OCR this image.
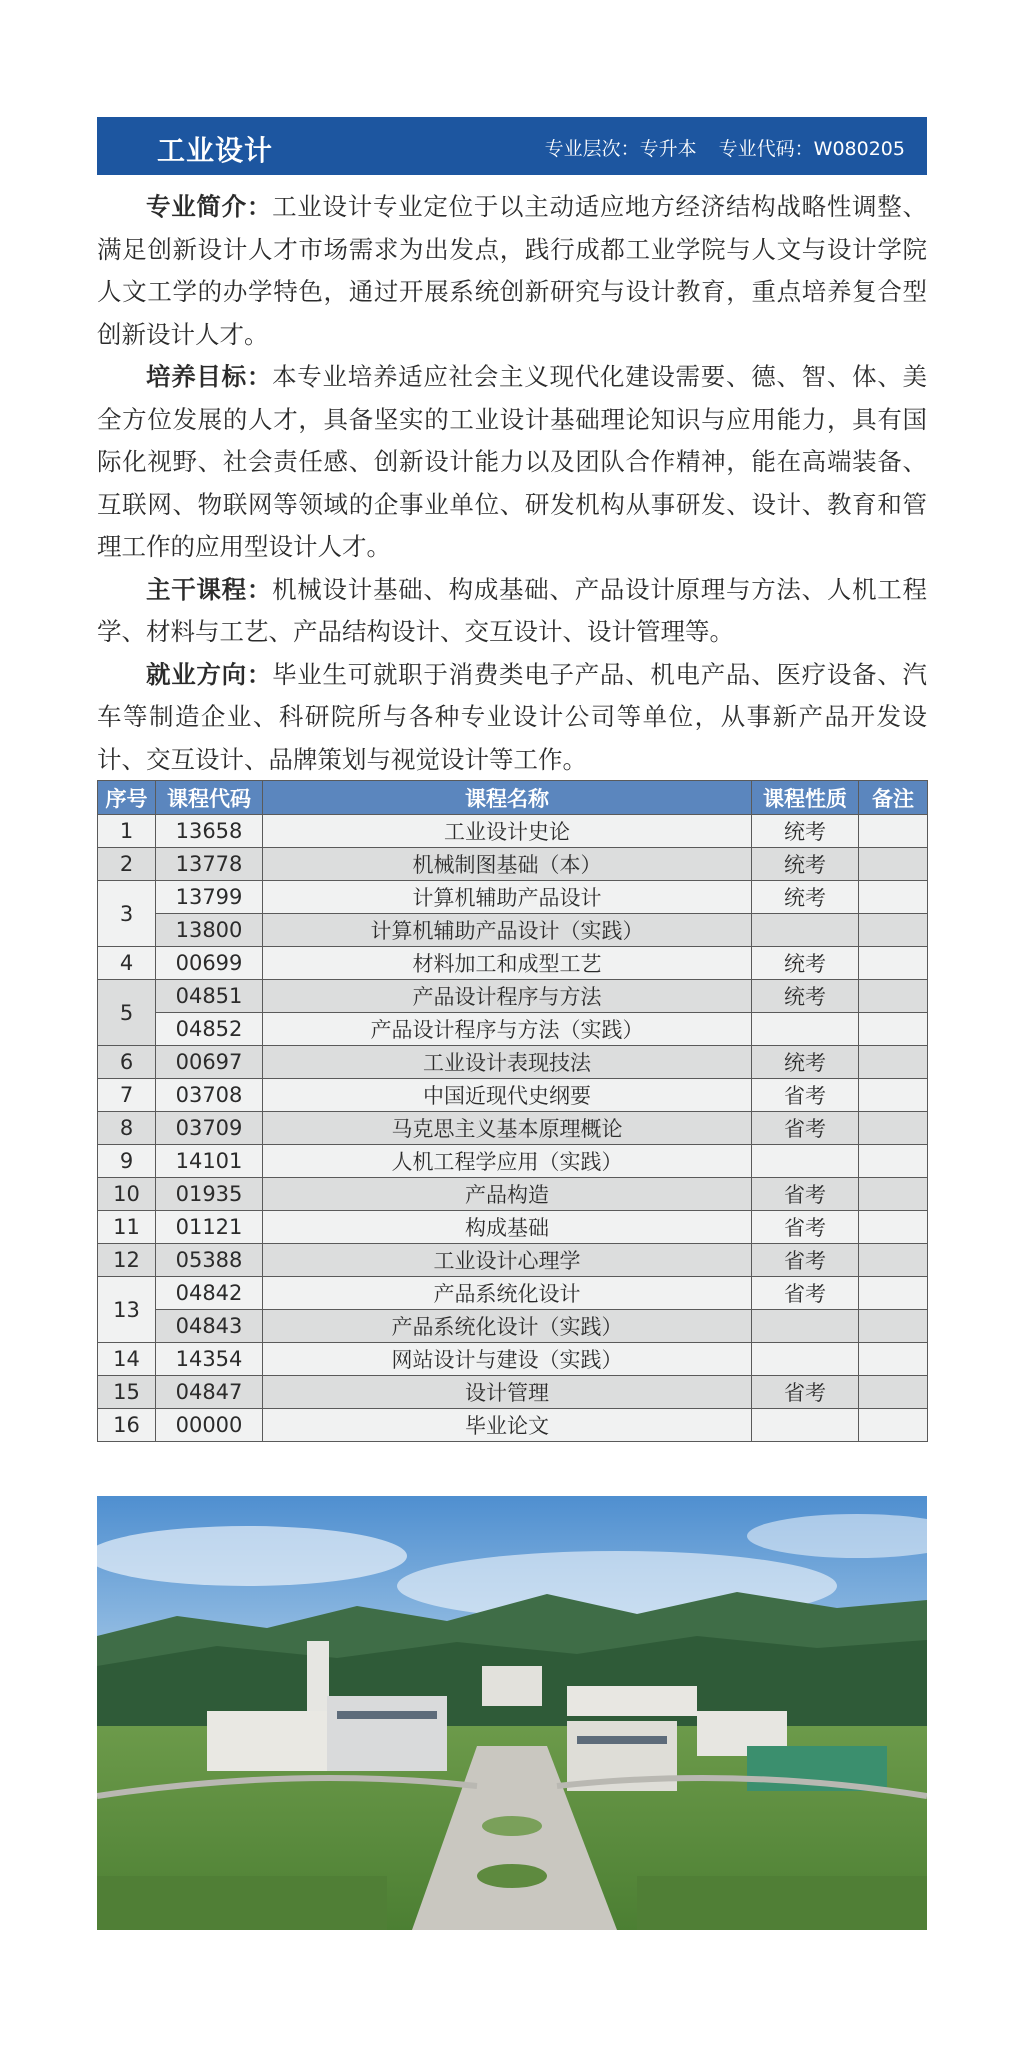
工业设计	专业层次：专升本 专业代码：W080205

专业简介：工业设计专业定位于以主动适应地方经济结构战略性调整、满足创新设计人才市场需求为出发点，践行成都工业学院与人文与设计学院人文工学的办学特色，通过开展系统创新研究与设计教育，重点培养复合型创新设计人才。

培养目标：本专业培养适应社会主义现代化建设需要、德、智、体、美全方位发展的人才，具备坚实的工业设计基础理论知识与应用能力，具有国际化视野、社会责任感、创新设计能力以及团队合作精神，能在高端装备、互联网、物联网等领域的企事业单位、研发机构从事研发、设计、教育和管理工作的应用型设计人才。

主干课程：机械设计基础、构成基础、产品设计原理与方法、人机工程学、材料与工艺、产品结构设计、交互设计、设计管理等。

就业方向：毕业生可就职于消费类电子产品、机电产品、医疗设备、汽车等制造企业、科研院所与各种专业设计公司等单位，从事新产品开发设计、交互设计、品牌策划与视觉设计等工作。

序号	课程代码	课程名称	课程性质	备注
1	13658	工业设计史论	统考	
2	13778	机械制图基础（本）	统考	
3	13799	计算机辅助产品设计	统考	
	13800	计算机辅助产品设计（实践）		
4	00699	材料加工和成型工艺	统考	
5	04851	产品设计程序与方法	统考	
	04852	产品设计程序与方法（实践）		
6	00697	工业设计表现技法	统考	
7	03708	中国近现代史纲要	省考	
8	03709	马克思主义基本原理概论	省考	
9	14101	人机工程学应用（实践）		
10	01935	产品构造	省考	
11	01121	构成基础	省考	
12	05388	工业设计心理学	省考	
13	04842	产品系统化设计	省考	
	04843	产品系统化设计（实践）		
14	14354	网站设计与建设（实践）		
15	04847	设计管理	省考	
16	00000	毕业论文		
